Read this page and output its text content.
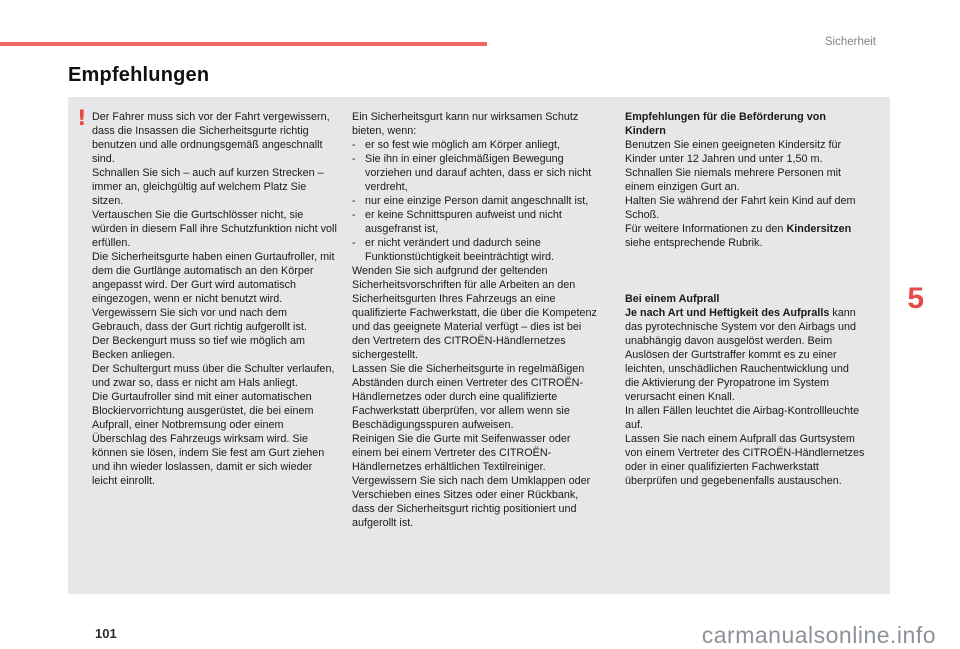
Sicherheit
Empfehlungen
! Der Fahrer muss sich vor der Fahrt vergewissern, dass die Insassen die Sicherheitsgurte richtig benutzen und alle ordnungsgemäß angeschnallt sind.

Schnallen Sie sich – auch auf kurzen Strecken – immer an, gleichgültig auf welchem Platz Sie sitzen.

Vertauschen Sie die Gurtschlösser nicht, sie würden in diesem Fall ihre Schutzfunktion nicht voll erfüllen.

Die Sicherheitsgurte haben einen Gurtaufroller, mit dem die Gurtlänge automatisch an den Körper angepasst wird. Der Gurt wird automatisch eingezogen, wenn er nicht benutzt wird.

Vergewissern Sie sich vor und nach dem Gebrauch, dass der Gurt richtig aufgerollt ist.

Der Beckengurt muss so tief wie möglich am Becken anliegen.

Der Schultergurt muss über die Schulter verlaufen, und zwar so, dass er nicht am Hals anliegt.

Die Gurtaufroller sind mit einer automatischen Blockiervorrichtung ausgerüstet, die bei einem Aufprall, einer Notbremsung oder einem Überschlag des Fahrzeugs wirksam wird. Sie können sie lösen, indem Sie fest am Gurt ziehen und ihn wieder loslassen, damit er sich wieder leicht einrollt.

Ein Sicherheitsgurt kann nur wirksamen Schutz bieten, wenn:

- er so fest wie möglich am Körper anliegt,
- Sie ihn in einer gleichmäßigen Bewegung vorziehen und darauf achten, dass er sich nicht verdreht,
- nur eine einzige Person damit angeschnallt ist,
- er keine Schnittspuren aufweist und nicht ausgefranst ist,
- er nicht verändert und dadurch seine Funktionstüchtigkeit beeinträchtigt wird.

Wenden Sie sich aufgrund der geltenden Sicherheitsvorschriften für alle Arbeiten an den Sicherheitsgurten Ihres Fahrzeugs an eine qualifizierte Fachwerkstatt, die über die Kompetenz und das geeignete Material verfügt – dies ist bei den Vertretern des CITROËN-Händlernetzes sichergestellt.

Lassen Sie die Sicherheitsgurte in regelmäßigen Abständen durch einen Vertreter des CITROËN-Händlernetzes oder durch eine qualifizierte Fachwerkstatt überprüfen, vor allem wenn sie Beschädigungsspuren aufweisen.

Reinigen Sie die Gurte mit Seifenwasser oder einem bei einem Vertreter des CITROËN-Händlernetzes erhältlichen Textilreiniger.

Vergewissern Sie sich nach dem Umklappen oder Verschieben eines Sitzes oder einer Rückbank, dass der Sicherheitsgurt richtig positioniert und aufgerollt ist.

Empfehlungen für die Beförderung von Kindern

Benutzen Sie einen geeigneten Kindersitz für Kinder unter 12 Jahren und unter 1,50 m.

Schnallen Sie niemals mehrere Personen mit einem einzigen Gurt an.

Halten Sie während der Fahrt kein Kind auf dem Schoß.

Für weitere Informationen zu den Kindersitzen siehe entsprechende Rubrik.

Bei einem Aufprall

Je nach Art und Heftigkeit des Aufpralls kann das pyrotechnische System vor den Airbags und unabhängig davon ausgelöst werden. Beim Auslösen der Gurtstraffer kommt es zu einer leichten, unschädlichen Rauchentwicklung und die Aktivierung der Pyropatrone im System verursacht einen Knall.

In allen Fällen leuchtet die Airbag-Kontrollleuchte auf.

Lassen Sie nach einem Aufprall das Gurtsystem von einem Vertreter des CITROËN-Händlernetzes oder in einer qualifizierten Fachwerkstatt überprüfen und gegebenenfalls austauschen.

5
101	carmanualsonline.info
